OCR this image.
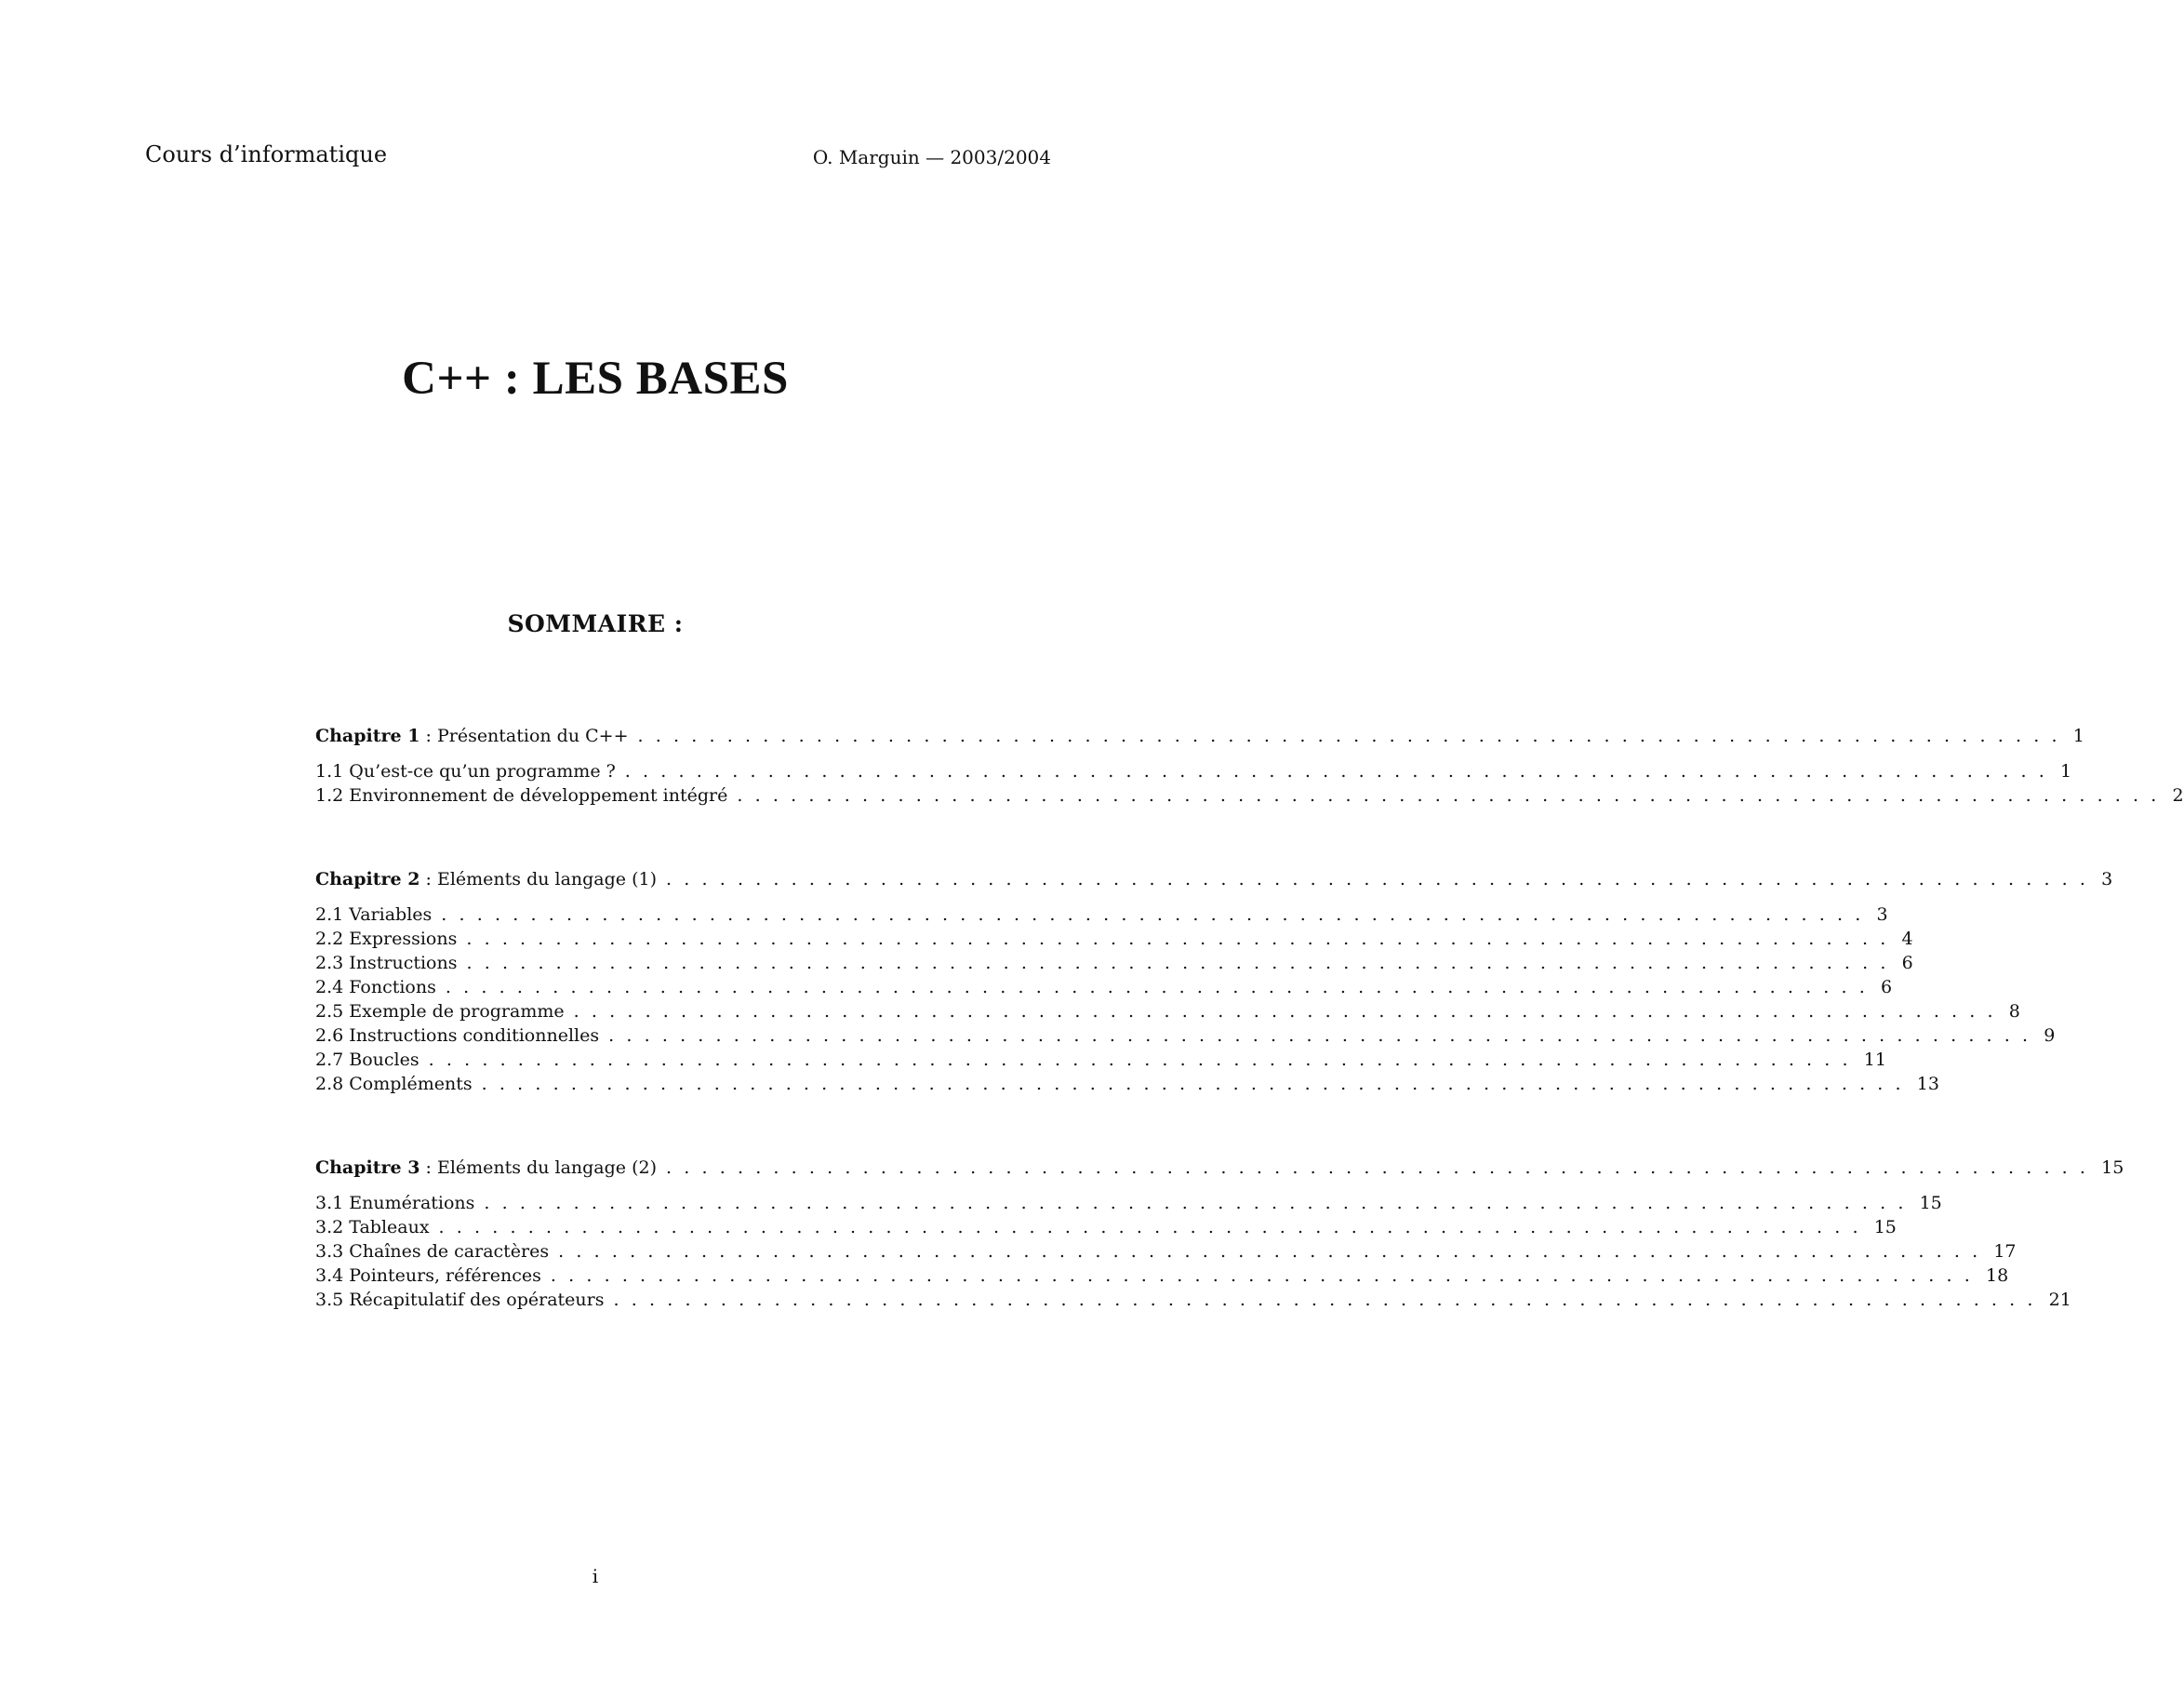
Cours d’informatique	O. Marguin — 2003/2004
C++ : LES BASES
SOMMAIRE :
Chapitre 1 : Présentation du C++ ................................................................................ 1
1.1 Qu’est-ce qu’un programme ? ................................................................................ 1
1.2 Environnement de développement intégré ................................................................................ 2
Chapitre 2 : Eléments du langage (1) ................................................................................ 3
2.1 Variables ................................................................................ 3
2.2 Expressions ................................................................................ 4
2.3 Instructions ................................................................................ 6
2.4 Fonctions ................................................................................ 6
2.5 Exemple de programme ................................................................................ 8
2.6 Instructions conditionnelles ................................................................................ 9
2.7 Boucles ................................................................................ 11
2.8 Compléments ................................................................................ 13
Chapitre 3 : Eléments du langage (2) ................................................................................ 15
3.1 Enumérations ................................................................................ 15
3.2 Tableaux ................................................................................ 15
3.3 Chaînes de caractères ................................................................................ 17
3.4 Pointeurs, références ................................................................................ 18
3.5 Récapitulatif des opérateurs ................................................................................ 21
i
